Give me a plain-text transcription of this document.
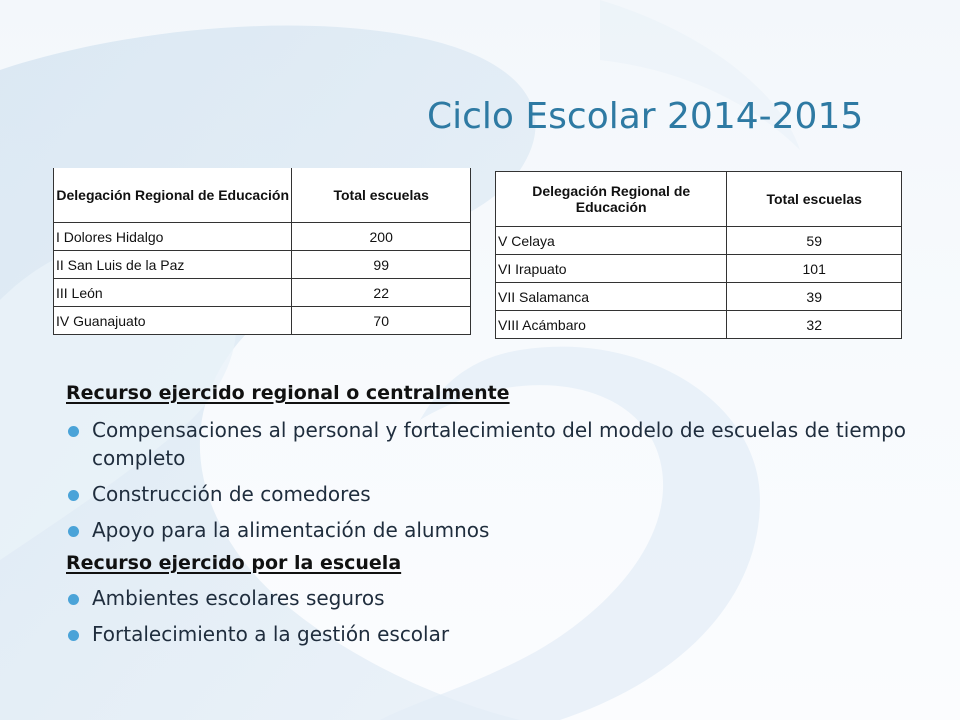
Ciclo Escolar 2014-2015
Delegación Regional de Educación	Total escuelas
I Dolores Hidalgo	200
II San Luis de la Paz	99
III León	22
IV Guanajuato	70
Delegación Regional de Educación	Total escuelas
V Celaya	59
VI Irapuato	101
VII Salamanca	39
VIII Acámbaro	32

Recurso ejercido regional o centralmente

Compensaciones al personal y fortalecimiento del modelo de escuelas de tiempo completo
Construcción de comedores
Apoyo para la alimentación de alumnos

Recurso ejercido por la escuela

Ambientes escolares seguros
Fortalecimiento a la gestión escolar
